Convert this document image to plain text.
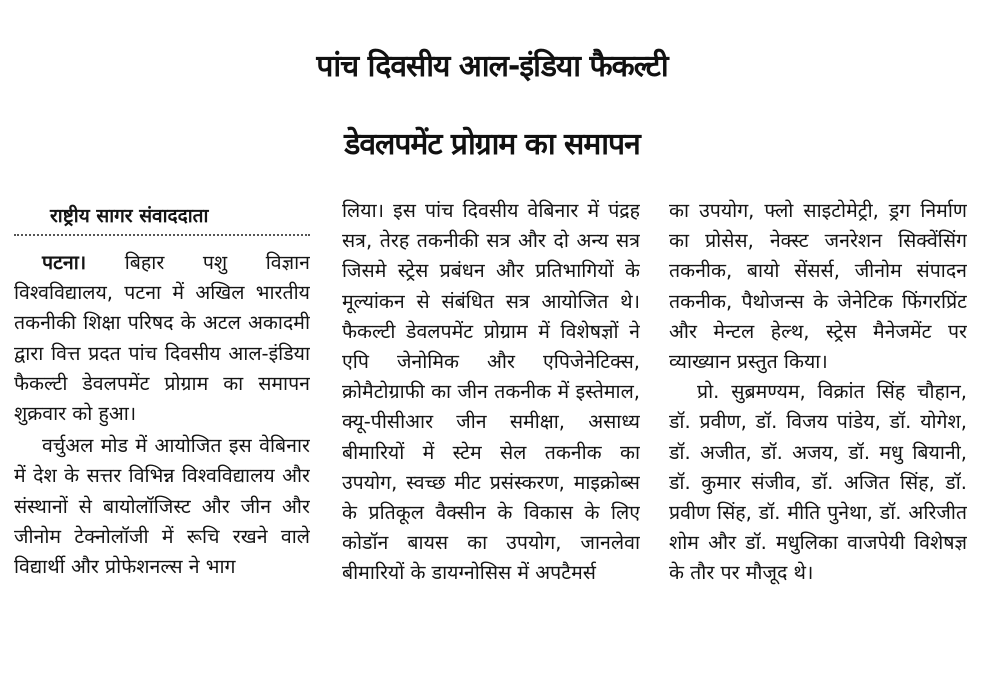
पांच दिवसीय आल-इंडिया फैकल्टी
डेवलपमेंट प्रोग्राम का समापन
राष्ट्रीय सागर संवाददाता

पटना। बिहार पशु विज्ञान विश्वविद्यालय, पटना में अखिल भारतीय तकनीकी शिक्षा परिषद के अटल अकादमी द्वारा वित्त प्रदत पांच दिवसीय आल-इंडिया फैकल्टी डेवलपमेंट प्रोग्राम का समापन शुक्रवार को हुआ।

वर्चुअल मोड में आयोजित इस वेबिनार में देश के सत्तर विभिन्न विश्वविद्यालय और संस्थानों से बायोलॉजिस्ट और जीन और जीनोम टेक्नोलॉजी में रूचि रखने वाले विद्यार्थी और प्रोफेशनल्स ने भाग

लिया। इस पांच दिवसीय वेबिनार में पंद्रह सत्र, तेरह तकनीकी सत्र और दो अन्य सत्र जिसमे स्ट्रेस प्रबंधन और प्रतिभागियों के मूल्यांकन से संबंधित सत्र आयोजित थे। फैकल्टी डेवलपमेंट प्रोग्राम में विशेषज्ञों ने एपि जेनोमिक और एपिजेनेटिक्स, क्रोमैटोग्राफी का जीन तकनीक में इस्तेमाल, क्यू-पीसीआर जीन समीक्षा, असाध्य बीमारियों में स्टेम सेल तकनीक का उपयोग, स्वच्छ मीट प्रसंस्करण, माइक्रोब्स के प्रतिकूल वैक्सीन के विकास के लिए कोडॉन बायस का उपयोग, जानलेवा बीमारियों के डायग्नोसिस में अपटैमर्स

का उपयोग, फ्लो साइटोमेट्री, ड्रग निर्माण का प्रोसेस, नेक्स्ट जनरेशन सिक्वेंसिंग तकनीक, बायो सेंसर्स, जीनोम संपादन तकनीक, पैथोजन्स के जेनेटिक फिंगरप्रिंट और मेन्टल हेल्थ, स्ट्रेस मैनेजमेंट पर व्याख्यान प्रस्तुत किया।

प्रो. सुब्रमण्यम, विक्रांत सिंह चौहान, डॉ. प्रवीण, डॉ. विजय पांडेय, डॉ. योगेश, डॉ. अजीत, डॉ. अजय, डॉ. मधु बियानी, डॉ. कुमार संजीव, डॉ. अजित सिंह, डॉ. प्रवीण सिंह, डॉ. मीति पुनेथा, डॉ. अरिजीत शोम और डॉ. मधुलिका वाजपेयी विशेषज्ञ के तौर पर मौजूद थे।
